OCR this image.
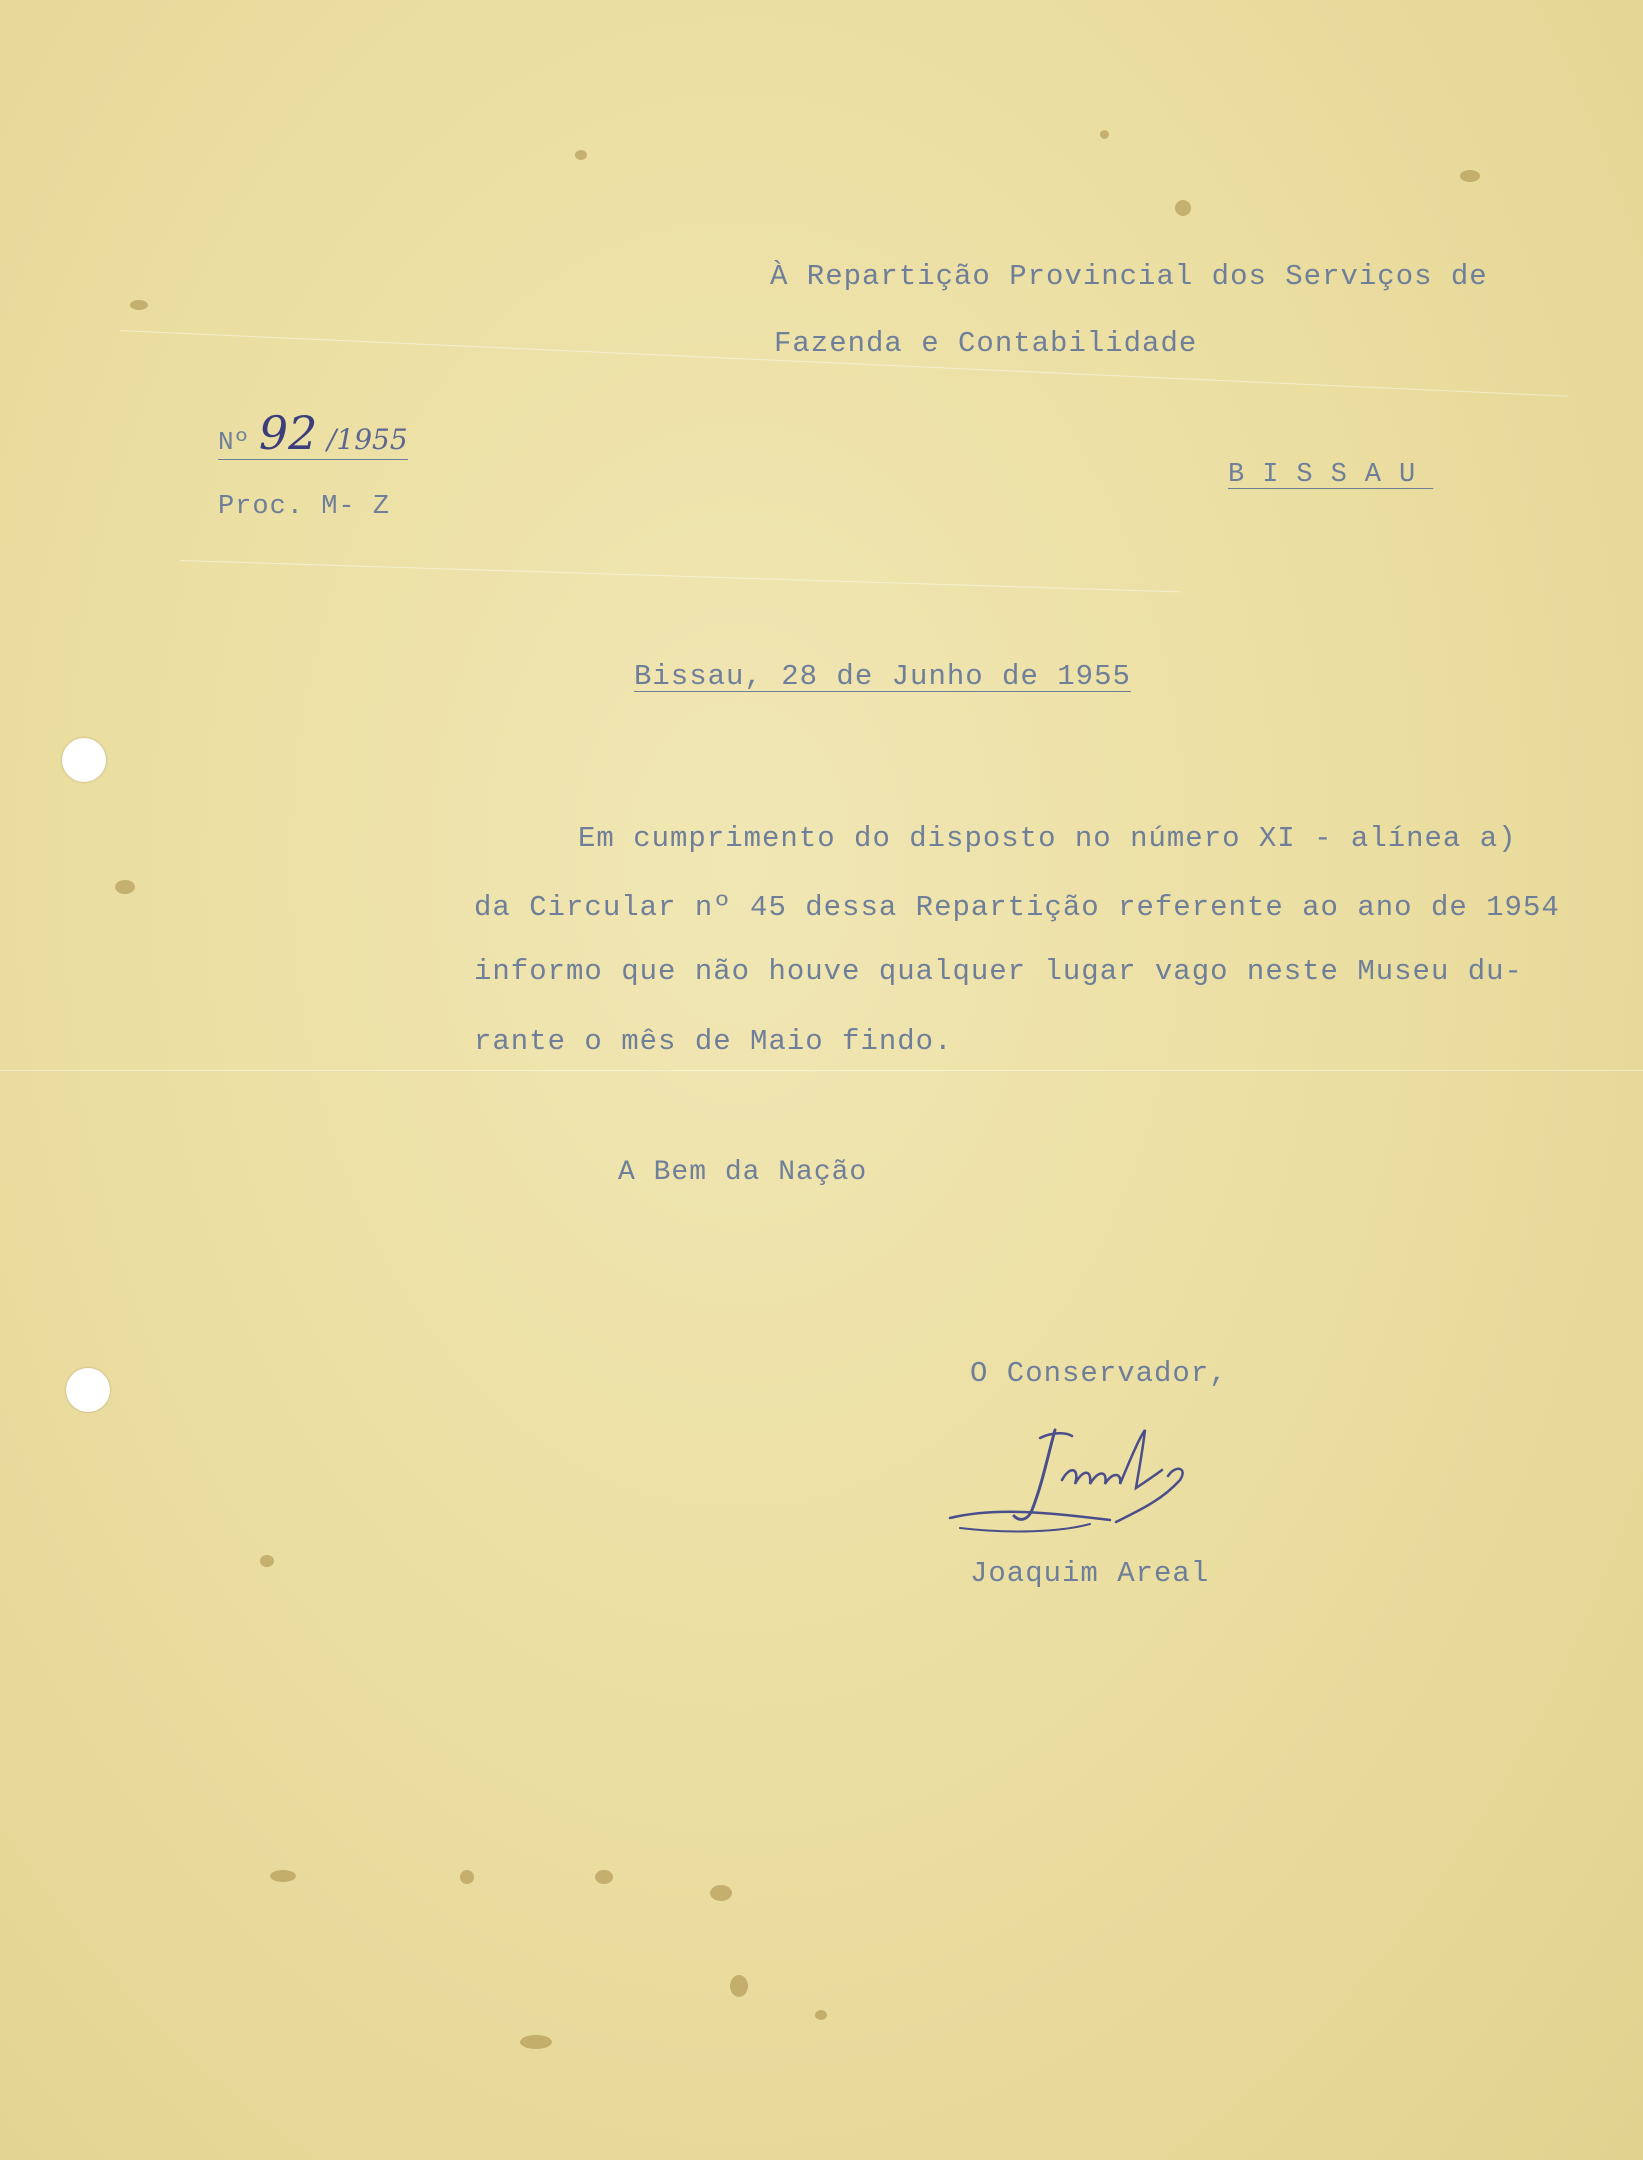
À Repartição Provincial dos Serviços de
Fazenda e Contabilidade
Nº 92 /1955
Proc. M- Z
BISSAU
Bissau, 28 de Junho de 1955
Em cumprimento do disposto no número XI - alínea a)
da Circular nº 45 dessa Repartição referente ao ano de 1954
informo que não houve qualquer lugar vago neste Museu du-
rante o mês de Maio findo.
A Bem da Nação
O Conservador,
Joaquim Areal
